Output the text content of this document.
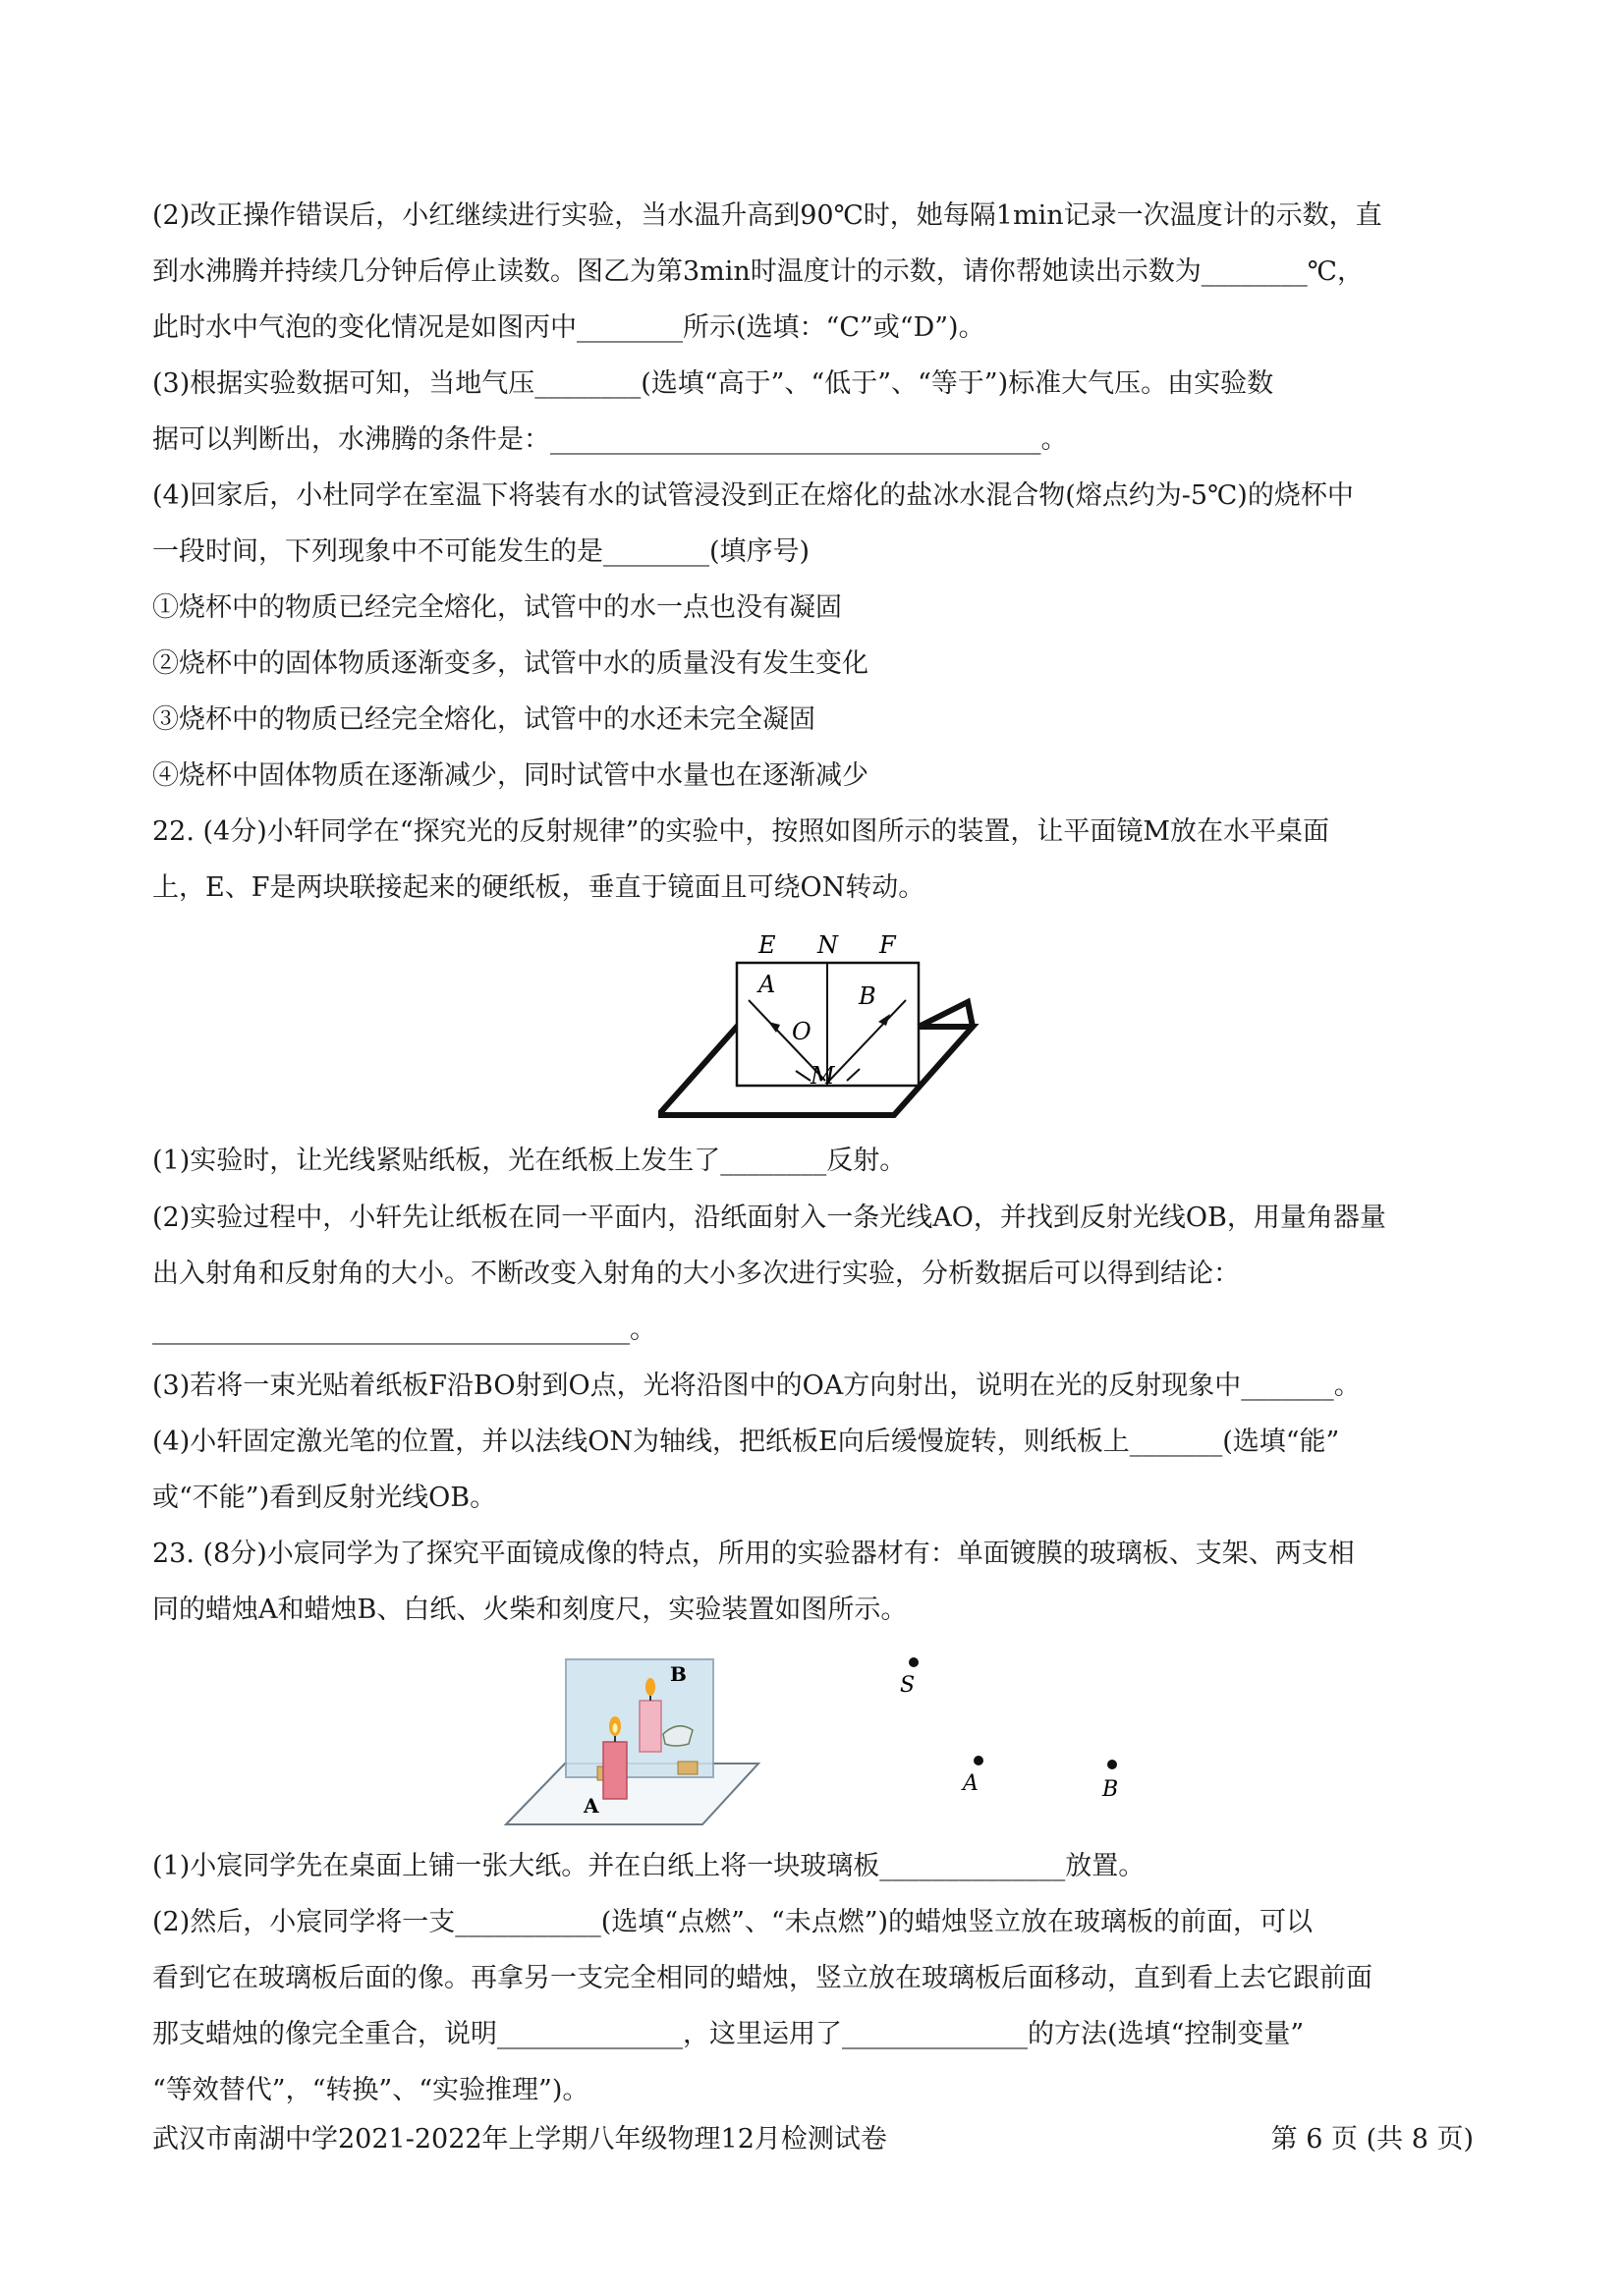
(2)改正操作错误后，小红继续进行实验，当水温升高到90℃时，她每隔1min记录一次温度计的示数，直
到水沸腾并持续几分钟后停止读数。图乙为第3min时温度计的示数，请你帮她读出示数为________℃，
此时水中气泡的变化情况是如图丙中________所示(选填：“C”或“D”)。
(3)根据实验数据可知，当地气压________(选填“高于”、“低于”、“等于”)标准大气压。由实验数
据可以判断出，水沸腾的条件是：_____________________________________。
(4)回家后，小杜同学在室温下将装有水的试管浸没到正在熔化的盐冰水混合物(熔点约为-5℃)的烧杯中
一段时间，下列现象中不可能发生的是________(填序号)
①烧杯中的物质已经完全熔化，试管中的水一点也没有凝固
②烧杯中的固体物质逐渐变多，试管中水的质量没有发生变化
③烧杯中的物质已经完全熔化，试管中的水还未完全凝固
④烧杯中固体物质在逐渐减少，同时试管中水量也在逐渐减少
22. (4分)小轩同学在“探究光的反射规律”的实验中，按照如图所示的装置，让平面镜M放在水平桌面
上，E、F是两块联接起来的硬纸板，垂直于镜面且可绕ON转动。
E N F
A	B
O
M
(1)实验时，让光线紧贴纸板，光在纸板上发生了________反射。
(2)实验过程中，小轩先让纸板在同一平面内，沿纸面射入一条光线AO，并找到反射光线OB，用量角器量
出入射角和反射角的大小。不断改变入射角的大小多次进行实验，分析数据后可以得到结论：
____________________________________。
(3)若将一束光贴着纸板F沿BO射到O点，光将沿图中的OA方向射出，说明在光的反射现象中_______。
(4)小轩固定激光笔的位置，并以法线ON为轴线，把纸板E向后缓慢旋转，则纸板上_______(选填“能”
或“不能”)看到反射光线OB。
23. (8分)小宸同学为了探究平面镜成像的特点，所用的实验器材有：单面镀膜的玻璃板、支架、两支相
同的蜡烛A和蜡烛B、白纸、火柴和刻度尺，实验装置如图所示。
B
A
S
A	B
(1)小宸同学先在桌面上铺一张大纸。并在白纸上将一块玻璃板______________放置。
(2)然后，小宸同学将一支___________(选填“点燃”、“未点燃”)的蜡烛竖立放在玻璃板的前面，可以
看到它在玻璃板后面的像。再拿另一支完全相同的蜡烛，竖立放在玻璃板后面移动，直到看上去它跟前面
那支蜡烛的像完全重合，说明______________，这里运用了______________的方法(选填“控制变量”
“等效替代”，“转换”、“实验推理”)。
武汉市南湖中学2021-2022年上学期八年级物理12月检测试卷	第 6 页 (共 8 页)
